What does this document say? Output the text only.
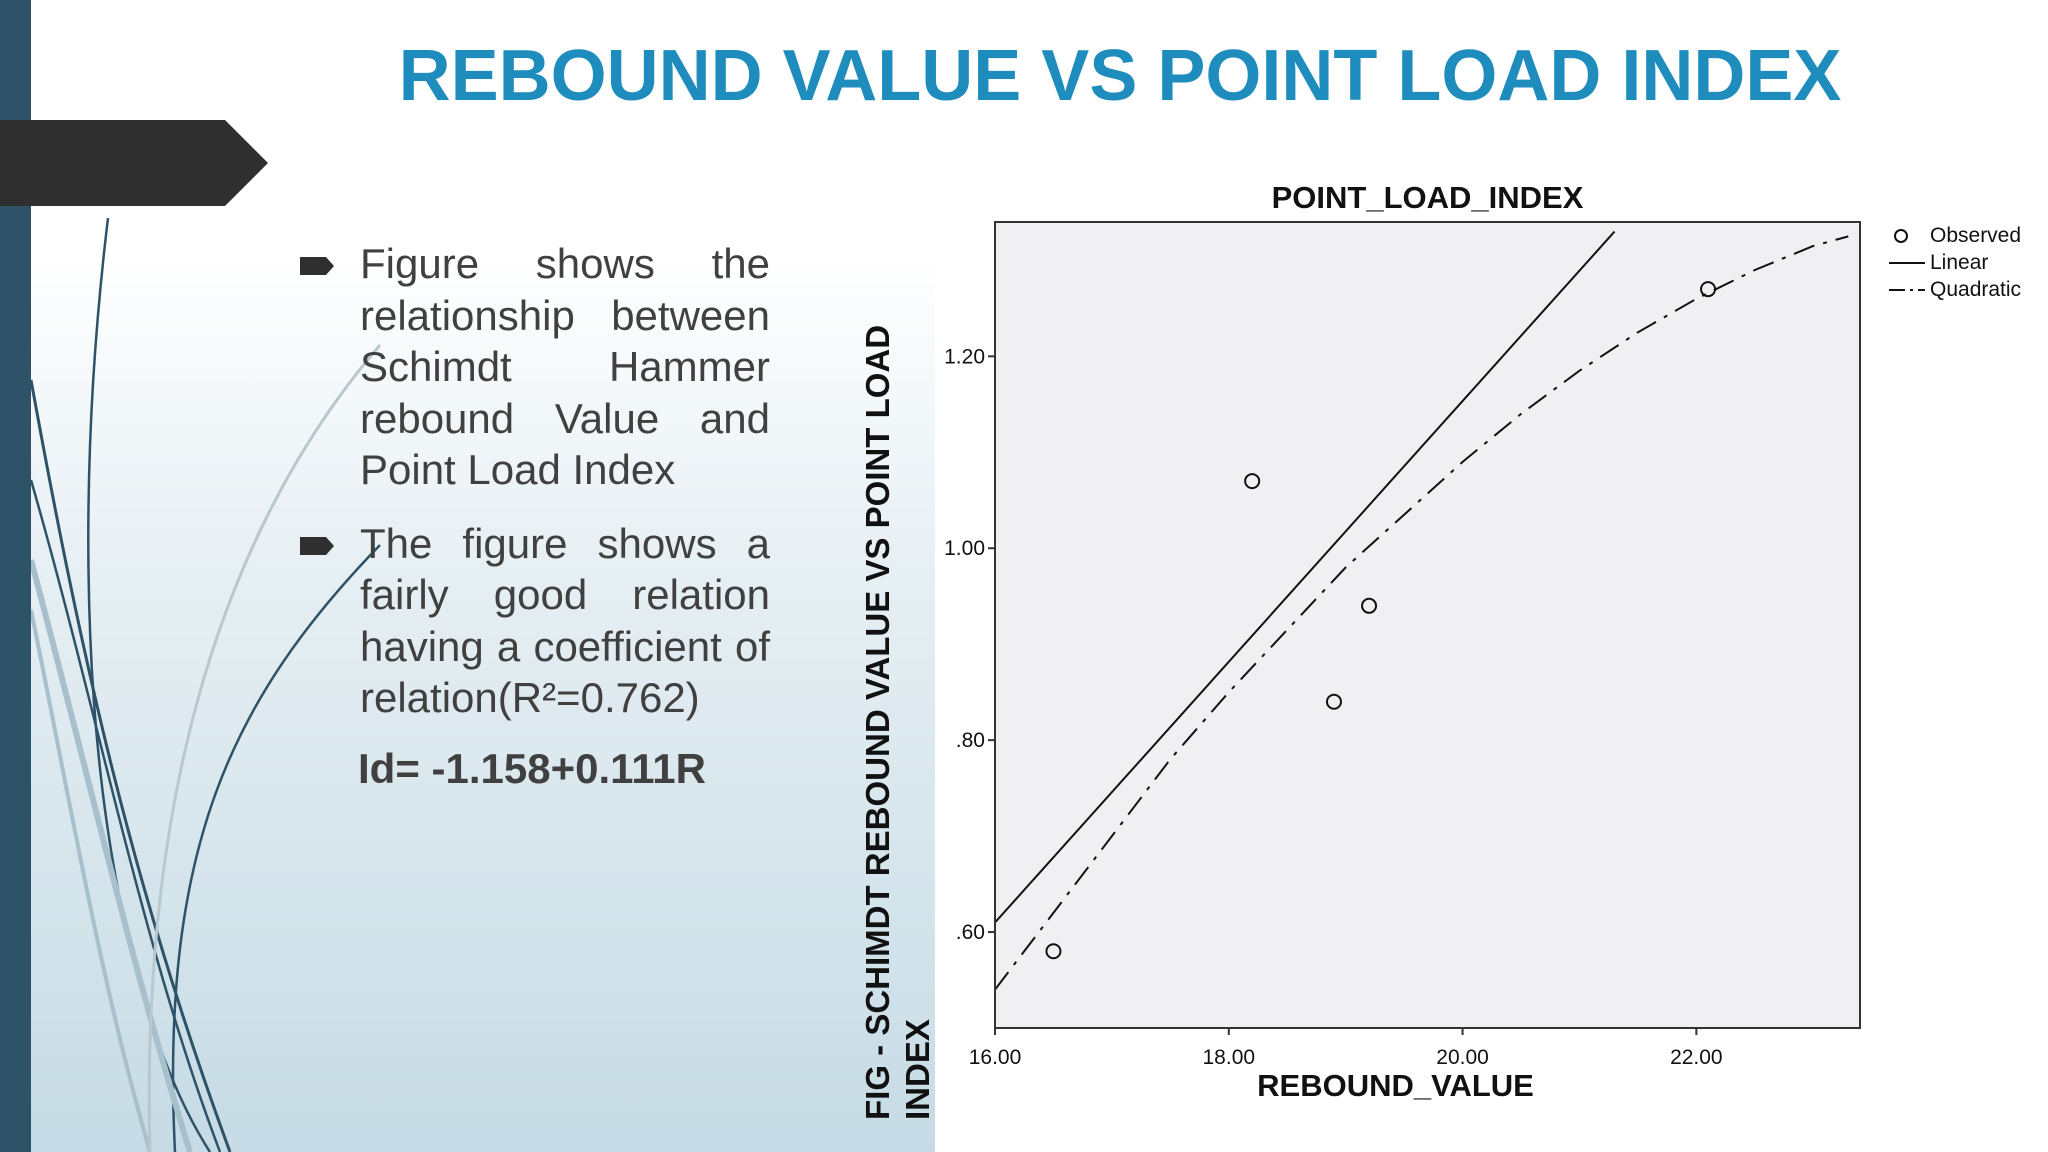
REBOUND VALUE VS POINT LOAD INDEX
Figure shows the relationship between Schimdt Hammer rebound Value and Point Load Index
The figure shows a fairly good relation having a coefficient of relation(R²=0.762)
Id= -1.158+0.111R	FIG - SCHIMDT REBOUND VALUE VS POINT LOAD INDEX 16.00	18.00	20.00	22.00
.60
.80
1.00
1.20
POINT_LOAD_INDEX
REBOUND_VALUE
Observed
Linear
Quadratic
